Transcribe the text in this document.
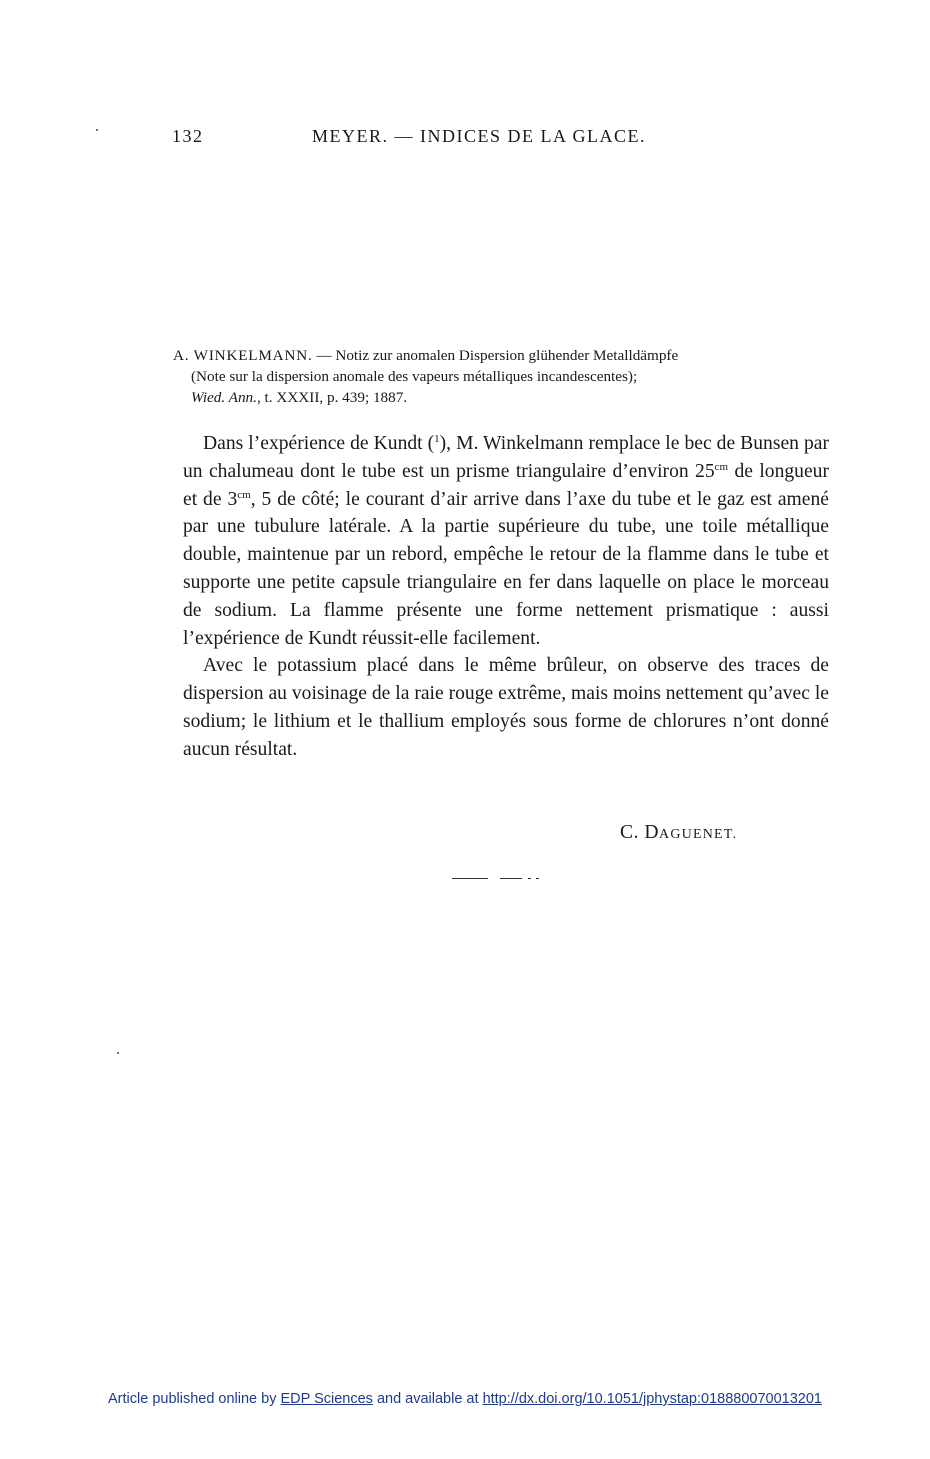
132	MEYER. — INDICES DE LA GLACE.
A. WINKELMANN. — Notiz zur anomalen Dispersion glühender Metalldämpfe
(Note sur la dispersion anomale des vapeurs métalliques incandescentes);
Wied. Ann., t. XXXII, p. 439; 1887.

Dans l’expérience de Kundt ($^1$), M. Winkelmann remplace le bec de Bunsen par un chalumeau dont le tube est un prisme triangulaire d’environ $25^{cm}$ de longueur et de $3^{cm}$, 5 de côté; le courant d’air arrive dans l’axe du tube et le gaz est amené par une tubulure latérale. A la partie supérieure du tube, une toile métallique double, maintenue par un rebord, empêche le retour de la flamme dans le tube et supporte une petite capsule triangulaire en fer dans laquelle on place le morceau de sodium. La flamme présente une forme nettement prismatique : aussi l’expérience de Kundt réussit-elle facilement.

Avec le potassium placé dans le même brûleur, on observe des traces de dispersion au voisinage de la raie rouge extrême, mais moins nettement qu’avec le sodium; le lithium et le thallium employés sous forme de chlorures n’ont donné aucun résultat.

C. DAGUENET.
Article published online by EDP Sciences and available at http://dx.doi.org/10.1051/jphystap:018880070013201
